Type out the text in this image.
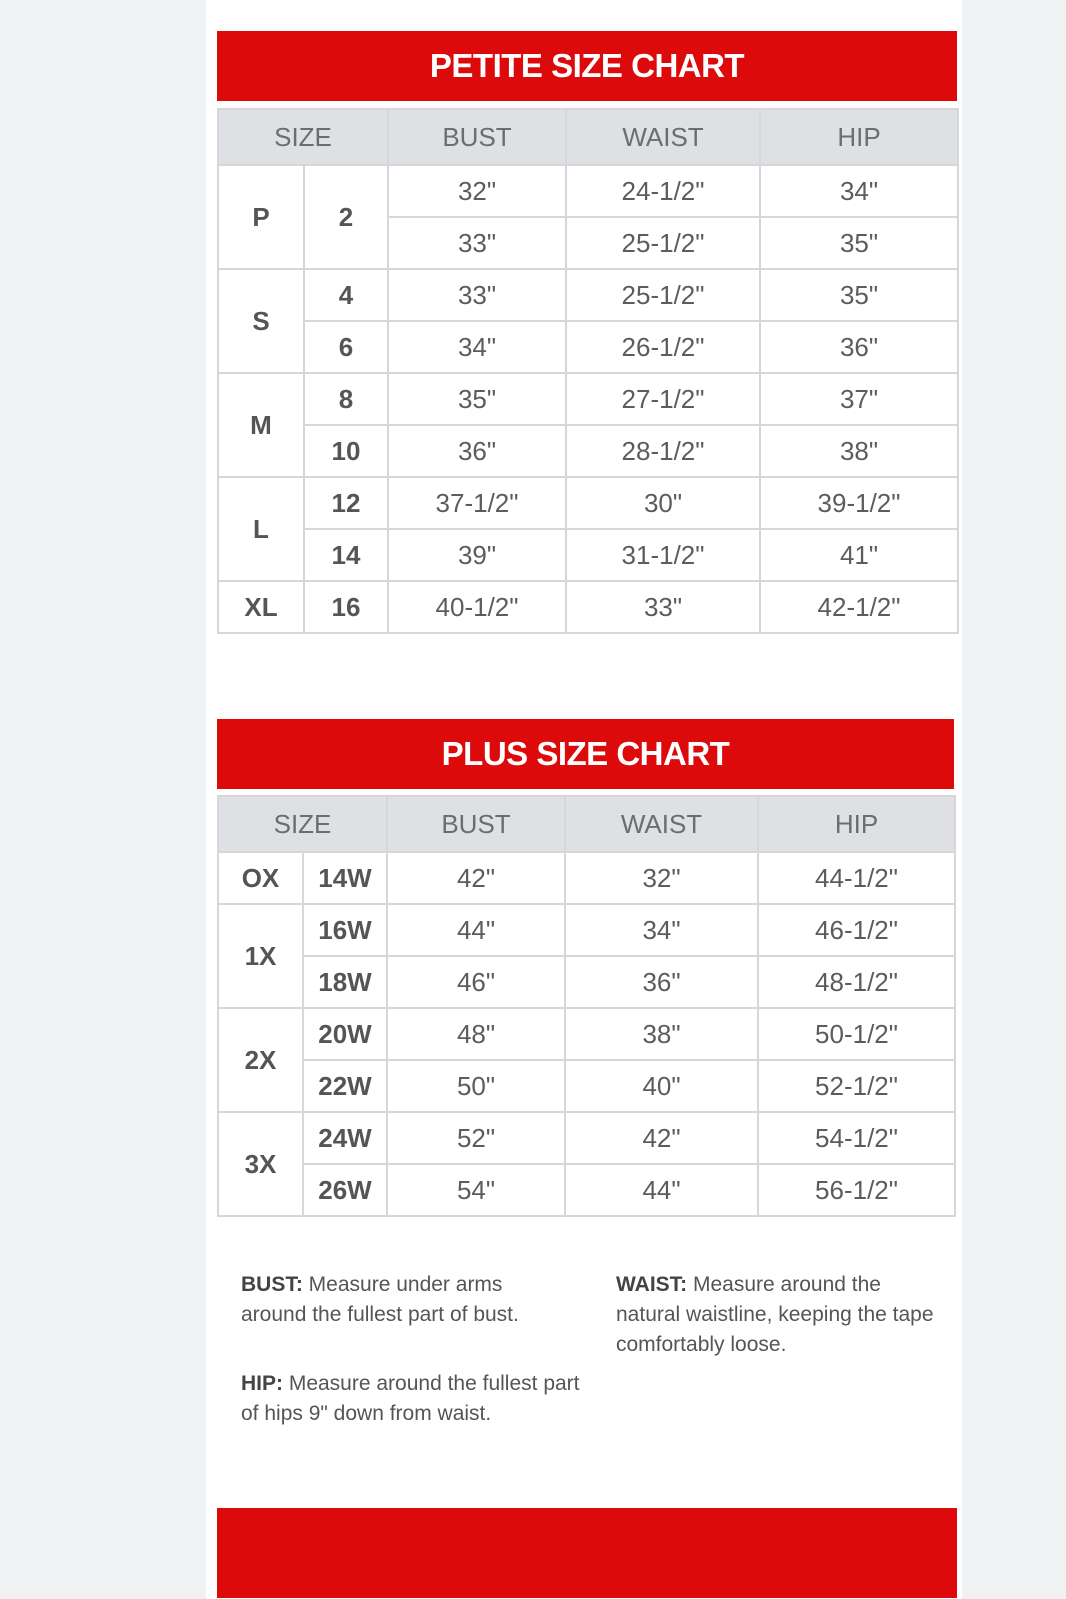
PETITE SIZE CHART
SIZE		BUST	WAIST	HIP
P	2	32"	24-1/2"	34"
		33"	25-1/2"	35"
S	4	33"	25-1/2"	35"
	6	34"	26-1/2"	36"
M	8	35"	27-1/2"	37"
	10	36"	28-1/2"	38"
L	12	37-1/2"	30"	39-1/2"
	14	39"	31-1/2"	41"
XL	16	40-1/2"	33"	42-1/2"
PLUS SIZE CHART
SIZE		BUST	WAIST	HIP
OX	14W	42"	32"	44-1/2"
1X	16W	44"	34"	46-1/2"
	18W	46"	36"	48-1/2"
2X	20W	48"	38"	50-1/2"
	22W	50"	40"	52-1/2"
3X	24W	52"	42"	54-1/2"
	26W	54"	44"	56-1/2"
BUST: Measure under arms around the fullest part of bust.
WAIST: Measure around the natural waistline, keeping the tape comfortably loose.
HIP: Measure around the fullest part of hips 9" down from waist.
